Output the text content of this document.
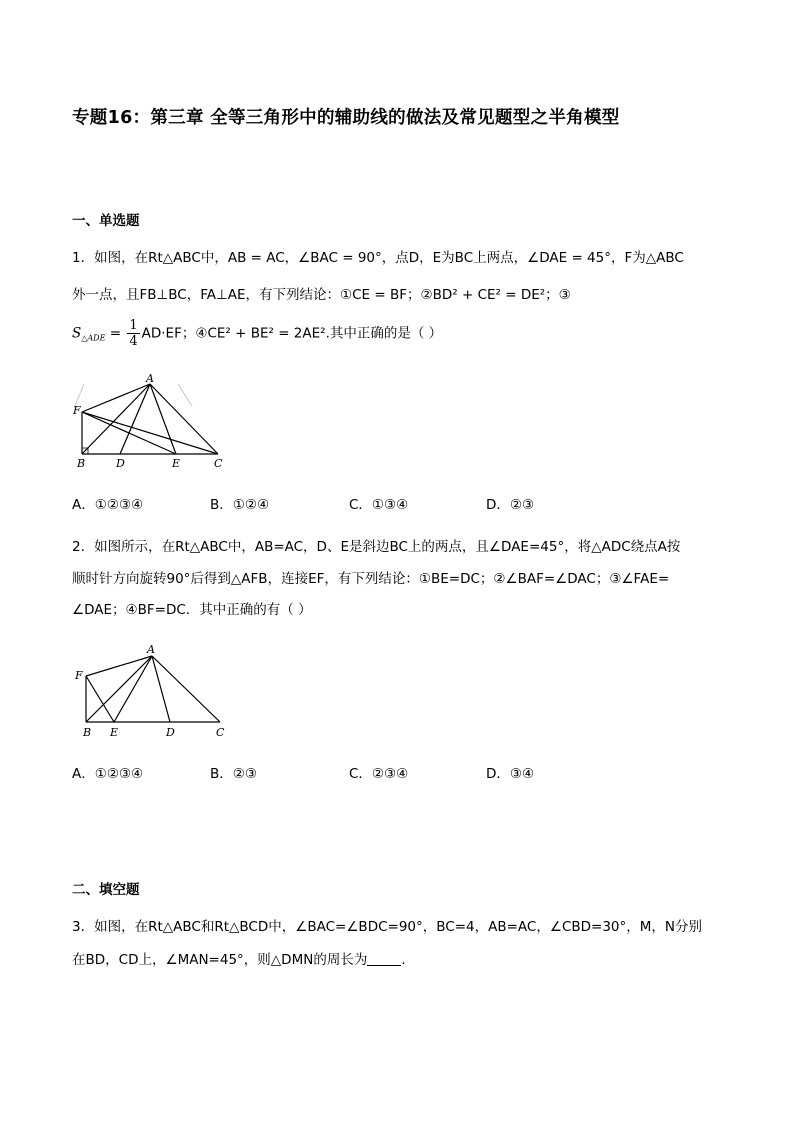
专题16：第三章 全等三角形中的辅助线的做法及常见题型之半角模型
一、单选题
1．如图，在Rt△ABC中，AB = AC，∠BAC = 90°，点D，E为BC上两点，∠DAE = 45°，F为△ABC
外一点，且FB⊥BC，FA⊥AE，有下列结论：①CE = BF；②BD² + CE² = DE²；③
$S_{\triangle ADE} = \frac{1}{4} AD\cdot EF$；④CE² + BE² = 2AE².其中正确的是（ ）
A
F
B	D	E	C
A．①②③④	B．①②④	C．①③④	D．②③
2．如图所示，在Rt△ABC中，AB=AC，D、E是斜边BC上的两点，且∠DAE=45°，将△ADC绕点A按
顺时针方向旋转90°后得到△AFB，连接EF，有下列结论：①BE=DC；②∠BAF=∠DAC；③∠FAE=
∠DAE；④BF=DC．其中正确的有（ ）
A
F
B E	D	C
A．①②③④	B．②③	C．②③④	D．③④
二、填空题
3．如图，在Rt△ABC和Rt△BCD中，∠BAC=∠BDC=90°，BC=4，AB=AC，∠CBD=30°，M，N分别
在BD，CD上，∠MAN=45°，则△DMN的周长为	．
